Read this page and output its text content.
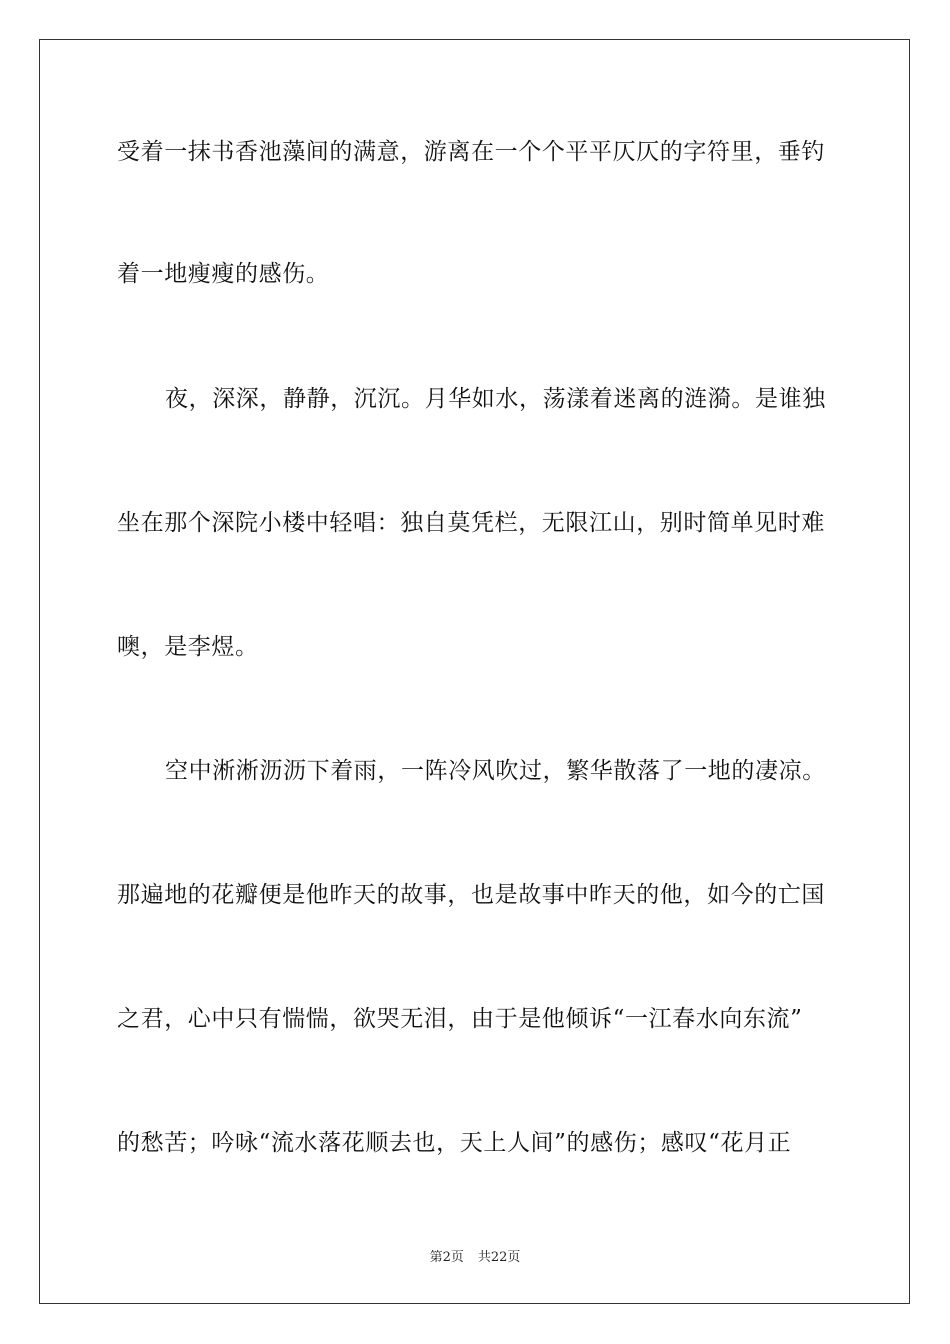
受着一抹书香池藻间的满意，游离在一个个平平仄仄的字符里，垂钓
着一地瘦瘦的感伤。
夜，深深，静静，沉沉。月华如水，荡漾着迷离的涟漪。是谁独
坐在那个深院小楼中轻唱：独自莫凭栏，无限江山，别时简单见时难
噢，是李煜。
空中淅淅沥沥下着雨，一阵冷风吹过，繁华散落了一地的凄凉。
那遍地的花瓣便是他昨天的故事，也是故事中昨天的他，如今的亡国
之君，心中只有惴惴，欲哭无泪，由于是他倾诉“一江春水向东流”
的愁苦；吟咏“流水落花顺去也，天上人间”的感伤；感叹“花月正
第2页 共22页
